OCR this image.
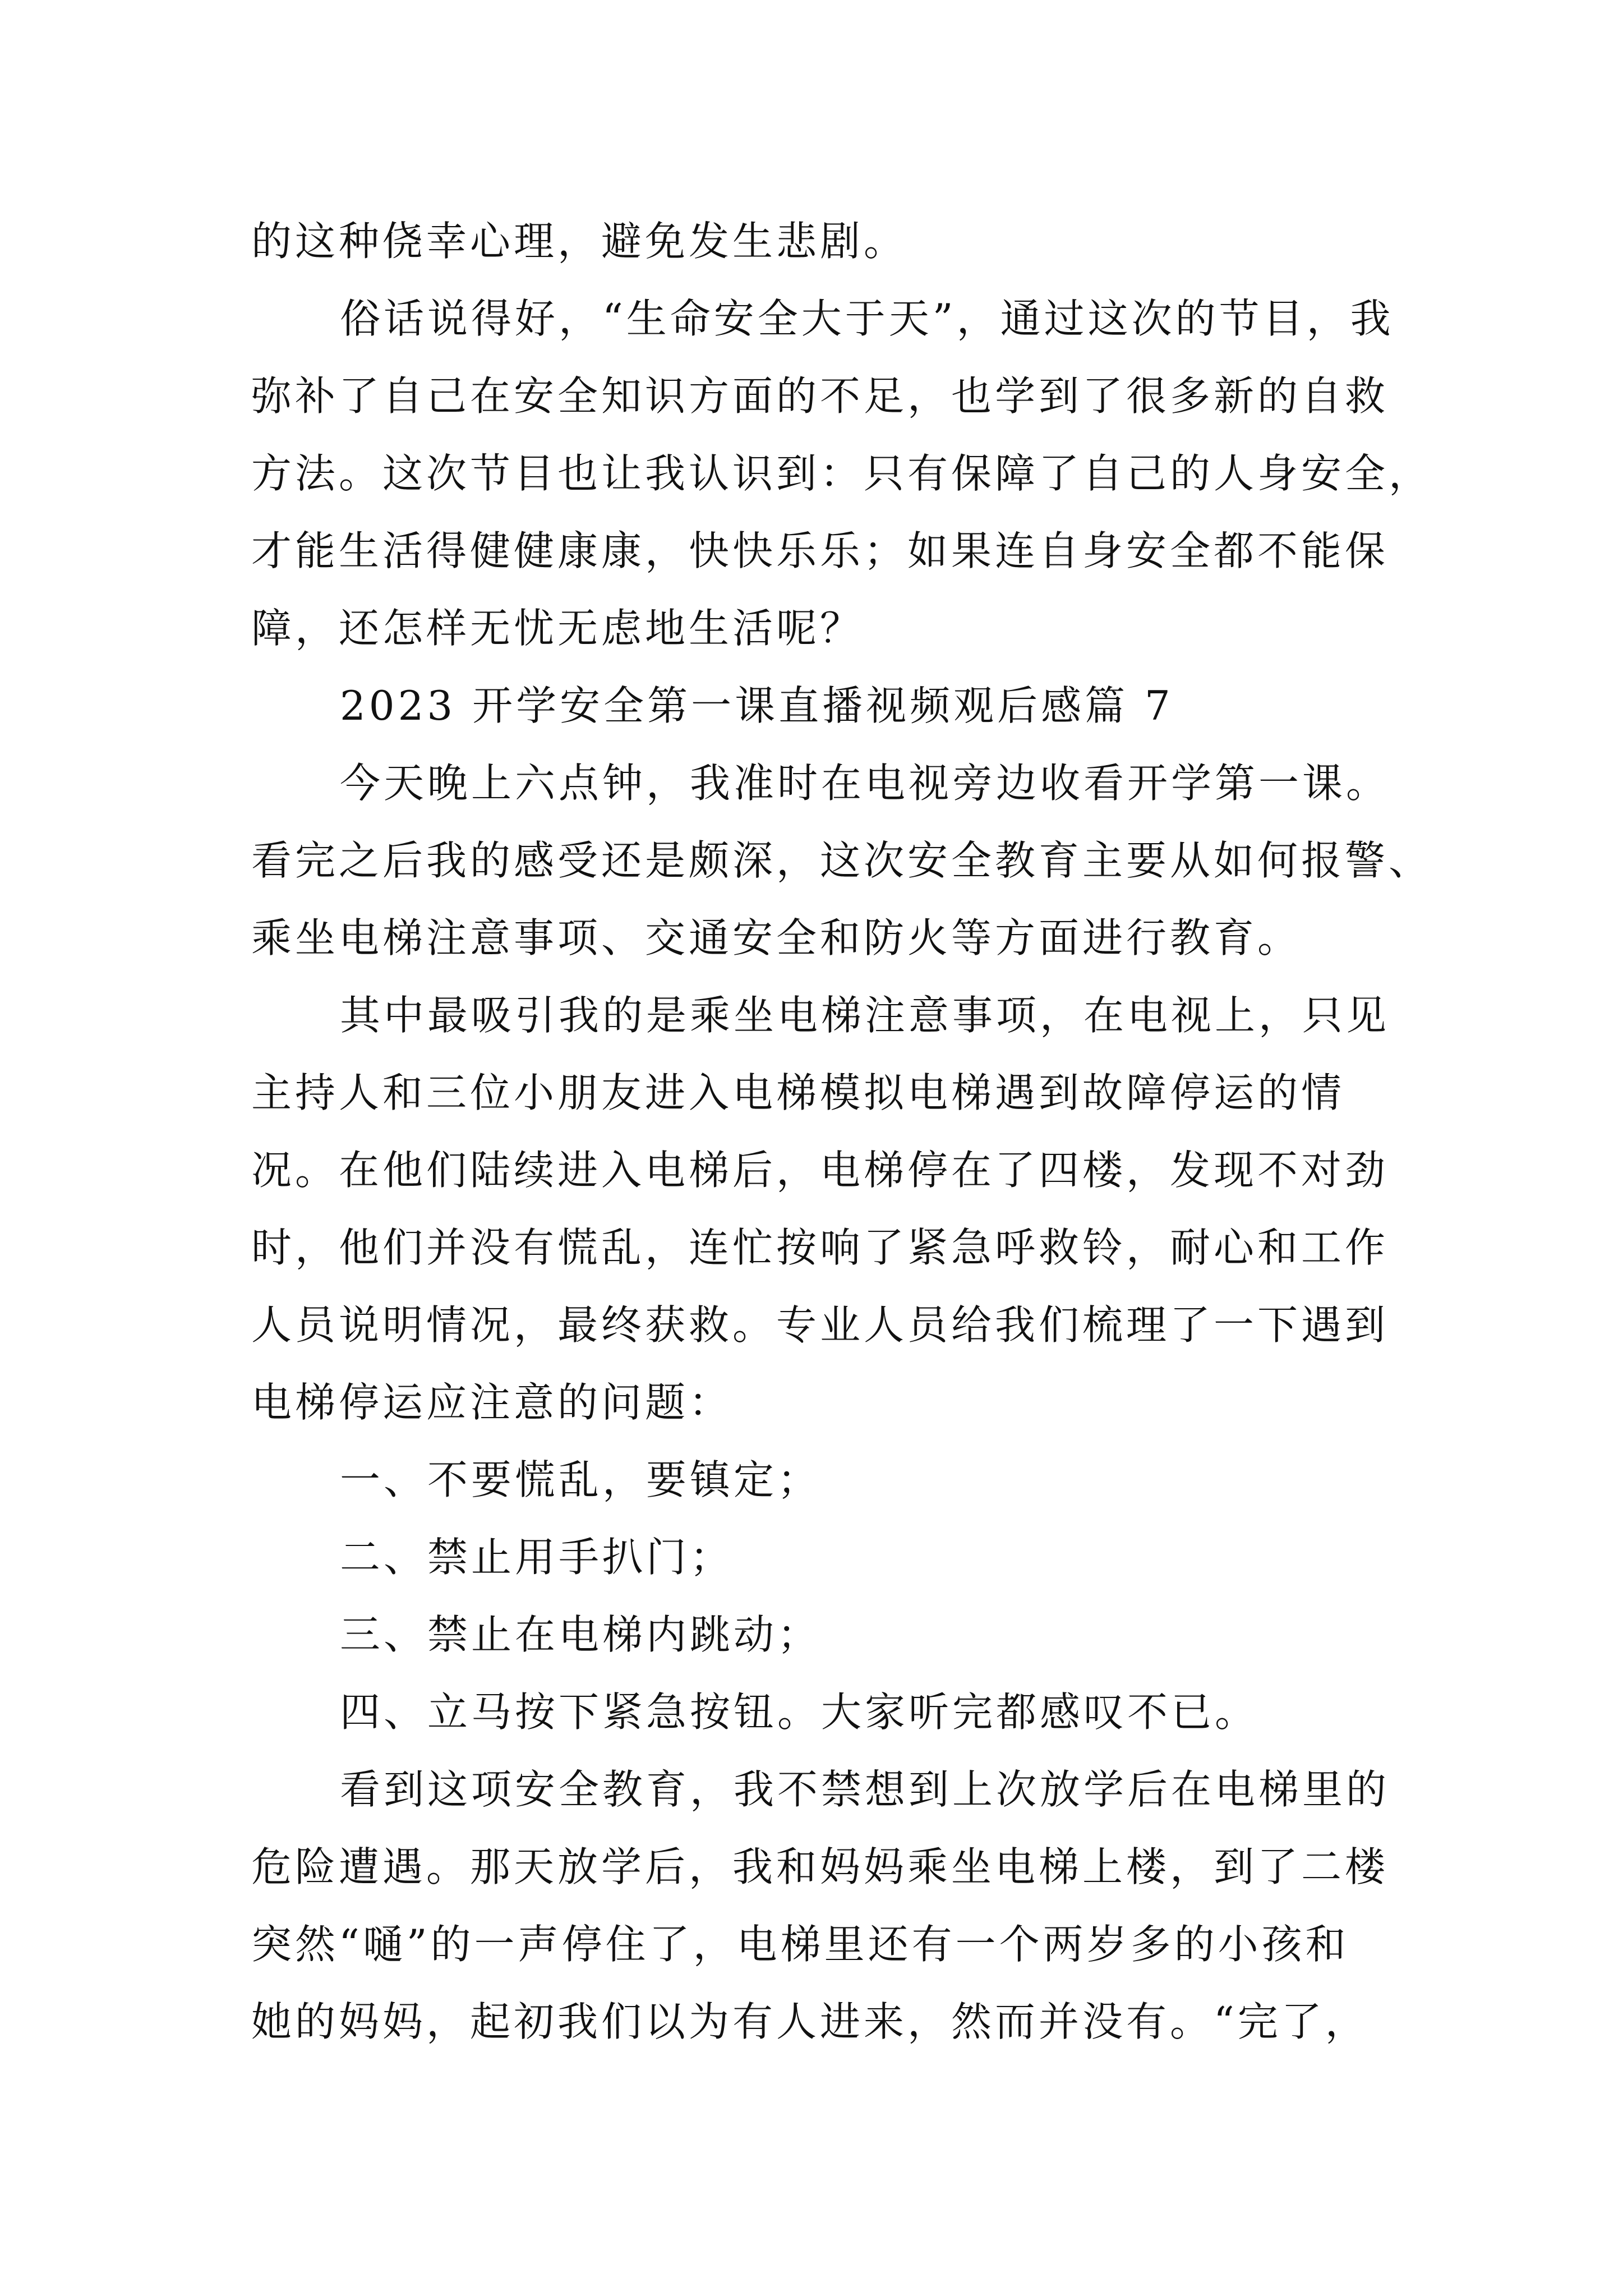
的这种侥幸心理，避免发生悲剧。
俗话说得好，“生命安全大于天”，通过这次的节目，我
弥补了自己在安全知识方面的不足，也学到了很多新的自救
方法。这次节目也让我认识到：只有保障了自己的人身安全，
才能生活得健健康康，快快乐乐；如果连自身安全都不能保
障，还怎样无忧无虑地生活呢？
2023 开学安全第一课直播视频观后感篇 7
今天晚上六点钟，我准时在电视旁边收看开学第一课。
看完之后我的感受还是颇深，这次安全教育主要从如何报警、
乘坐电梯注意事项、交通安全和防火等方面进行教育。
其中最吸引我的是乘坐电梯注意事项，在电视上，只见
主持人和三位小朋友进入电梯模拟电梯遇到故障停运的情
况。在他们陆续进入电梯后，电梯停在了四楼，发现不对劲
时，他们并没有慌乱，连忙按响了紧急呼救铃，耐心和工作
人员说明情况，最终获救。专业人员给我们梳理了一下遇到
电梯停运应注意的问题：
一、不要慌乱，要镇定；
二、禁止用手扒门；
三、禁止在电梯内跳动；
四、立马按下紧急按钮。大家听完都感叹不已。
看到这项安全教育，我不禁想到上次放学后在电梯里的
危险遭遇。那天放学后，我和妈妈乘坐电梯上楼，到了二楼
突然“嗵”的一声停住了，电梯里还有一个两岁多的小孩和
她的妈妈，起初我们以为有人进来，然而并没有。“完了，
